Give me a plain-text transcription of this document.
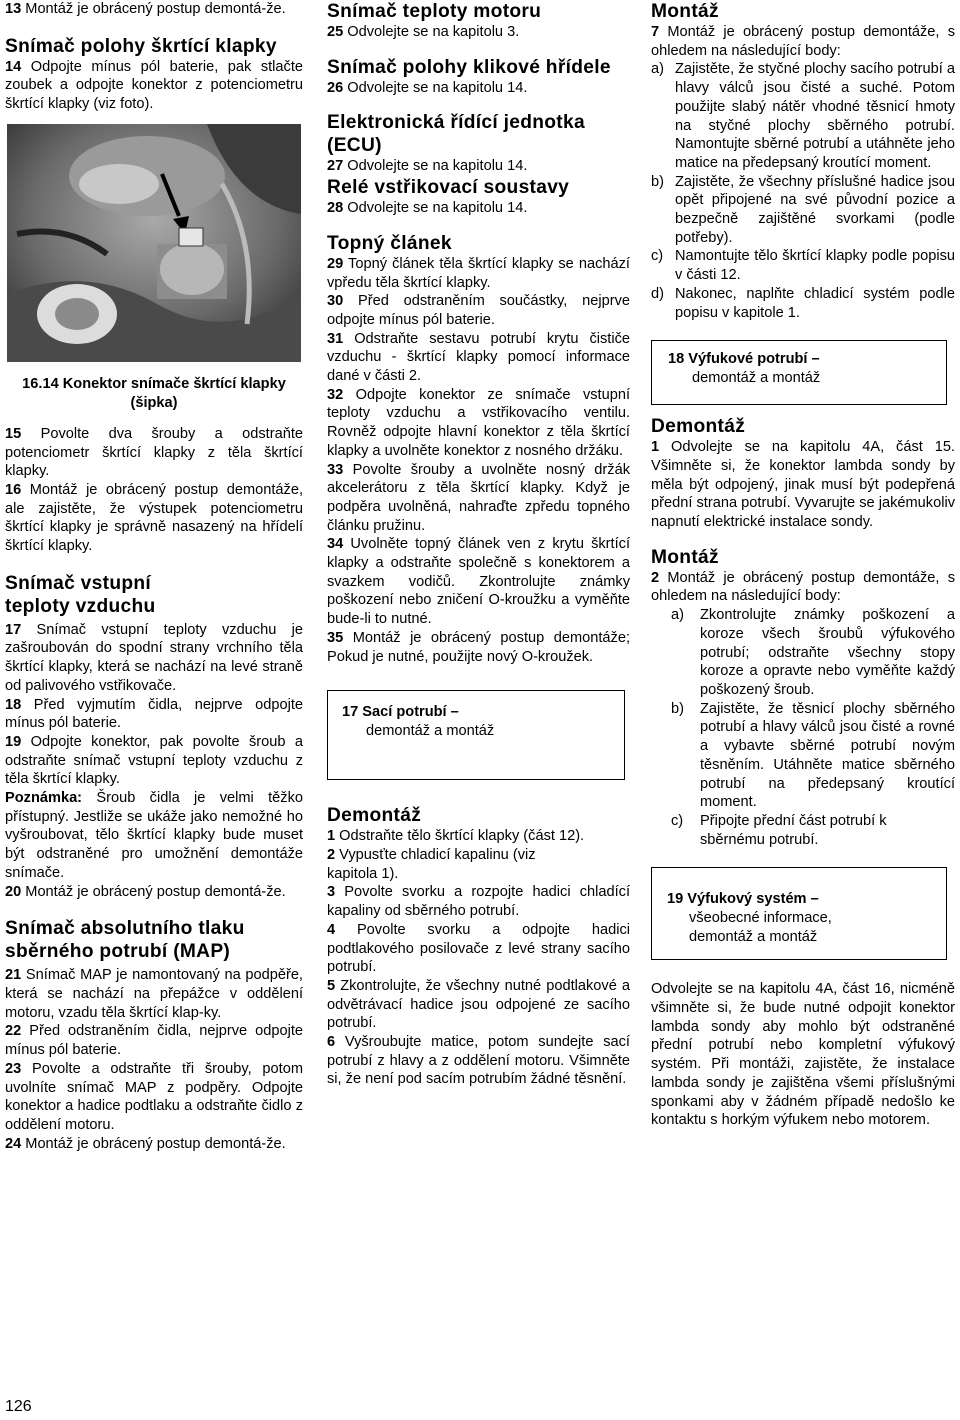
13 Montáž je obrácený postup demontá-že.

Snímač polohy škrtící klapky

14 Odpojte mínus pól baterie, pak stlačte zoubek a odpojte konektor z potenciometru škrtící klapky (viz foto).

16.14 Konektor snímače škrtící klapky
(šipka)

15 Povolte dva šrouby a odstraňte potenciometr škrtící klapky z těla škrtící klapky.

16 Montáž je obrácený postup demontáže, ale zajistěte, že výstupek potenciometru škrtící klapky je správně nasazený na hřídelí škrtící klapky.

Snímač vstupní
teploty vzduchu

17 Snímač vstupní teploty vzduchu je zašroubován do spodní strany vrchního těla škrtící klapky, která se nachází na levé straně od palivového vstřikovače.

18 Před vyjmutím čidla, nejprve odpojte mínus pól baterie.

19 Odpojte konektor, pak povolte šroub a odstraňte snímač vstupní teploty vzduchu z těla škrtící klapky.

Poznámka: Šroub čidla je velmi těžko přístupný. Jestliže se ukáže jako nemožné ho vyšroubovat, tělo škrtící klapky bude muset být odstraněné pro umožnění demontáže snímače.

20 Montáž je obrácený postup demontá-že.

Snímač absolutního tlaku
sběrného potrubí (MAP)

21 Snímač MAP je namontovaný na podpěře, která se nachází na přepážce v oddělení motoru, vzadu těla škrtící klap-ky.

22 Před odstraněním čidla, nejprve odpojte mínus pól baterie.

23 Povolte a odstraňte tři šrouby, potom uvolníte snímač MAP z podpěry. Odpojte konektor a hadice podtlaku a odstraňte čidlo z oddělení motoru.

24 Montáž je obrácený postup demontá-že.

Snímač teploty motoru

25 Odvolejte se na kapitolu 3.

Snímač polohy klikové hřídele

26 Odvolejte se na kapitolu 14.

Elektronická řídící jednotka
(ECU)

27 Odvolejte se na kapitolu 14.

Relé vstřikovací soustavy

28 Odvolejte se na kapitolu 14.

Topný článek

29 Topný článek těla škrtící klapky se nachází vpředu těla škrtící klapky.

30 Před odstraněním součástky, nejprve odpojte mínus pól baterie.

31 Odstraňte sestavu potrubí krytu čističe vzduchu - škrtící klapky pomocí informace dané v části 2.

32 Odpojte konektor ze snímače vstupní teploty vzduchu a vstřikovacího ventilu. Rovněž odpojte hlavní konektor z těla škrtící klapky a uvolněte konektor z nosného držáku.

33 Povolte šrouby a uvolněte nosný držák akcelerátoru z těla škrtící klapky. Když je podpěra uvolněná, nahraďte zpředu topného článku pružinu.

34 Uvolněte topný článek ven z krytu škrtící klapky a odstraňte společně s konektorem a svazkem vodičů. Zkontrolujte známky poškození nebo zničení O-kroužku a vyměňte bude-li to nutné.

35 Montáž je obrácený postup demontáže; Pokud je nutné, použijte nový O-kroužek.

17 Sací potrubí –
demontáž a montáž
Demontáž

1 Odstraňte tělo škrtící klapky (část 12).

2 Vypusťte chladicí kapalinu (viz kapitola 1).

3 Povolte svorku a rozpojte hadici chladící kapaliny od sběrného potrubí.

4 Povolte svorku a odpojte hadici podtlakového posilovače z levé strany sacího potrubí.

5 Zkontrolujte, že všechny nutné podtlakové a odvětrávací hadice jsou odpojené ze sacího potrubí.

6 Vyšroubujte matice, potom sundejte sací potrubí z hlavy a z oddělení motoru. Všimněte si, že není pod sacím potrubím žádné těsnění.

Montáž

7 Montáž je obrácený postup demontáže, s ohledem na následující body:

a) Zajistěte, že styčné plochy sacího potrubí a hlavy válců jsou čisté a suché. Potom použijte slabý nátěr vhodné těsnicí hmoty na styčné plochy sběrného potrubí. Namontujte sběrné potrubí a utáhněte jeho matice na předepsaný kroutící moment.
b) Zajistěte, že všechny příslušné hadice jsou opět připojené na své původní pozice a bezpečně zajištěné svorkami (podle potřeby).
c) Namontujte tělo škrtící klapky podle popisu v části 12.
d) Nakonec, naplňte chladicí systém podle popisu v kapitole 1.
18 Výfukové potrubí –
demontáž a montáž
Demontáž

1 Odvolejte se na kapitolu 4A, část 15. Všimněte si, že konektor lambda sondy by měla být odpojený, jinak musí být podepřená přední strana potrubí. Vyvarujte se jakémukoliv napnutí elektrické instalace sondy.

Montáž

2 Montáž je obrácený postup demontáže, s ohledem na následující body:

a) Zkontrolujte známky poškození a koroze všech šroubů výfukového potrubí; odstraňte všechny stopy koroze a opravte nebo vyměňte každý poškozený šroub.
b) Zajistěte, že těsnicí plochy sběrného potrubí a hlavy válců jsou čisté a rovné a vybavte sběrné potrubí novým těsněním. Utáhněte matice sběrného potrubí na předepsaný kroutící moment.
c) Připojte přední část potrubí k sběrnému potrubí.
19 Výfukový systém –
všeobecné informace,
demontáž a montáž

Odvolejte se na kapitolu 4A, část 16, nicméně všimněte si, že bude nutné odpojit konektor lambda sondy aby mohlo být odstraněné přední potrubí nebo kompletní výfukový systém. Při montáži, zajistěte, že instalace lambda sondy je zajištěna všemi příslušnými sponkami aby v žádném případě nedošlo ke kontaktu s horkým výfukem nebo motorem.

126
